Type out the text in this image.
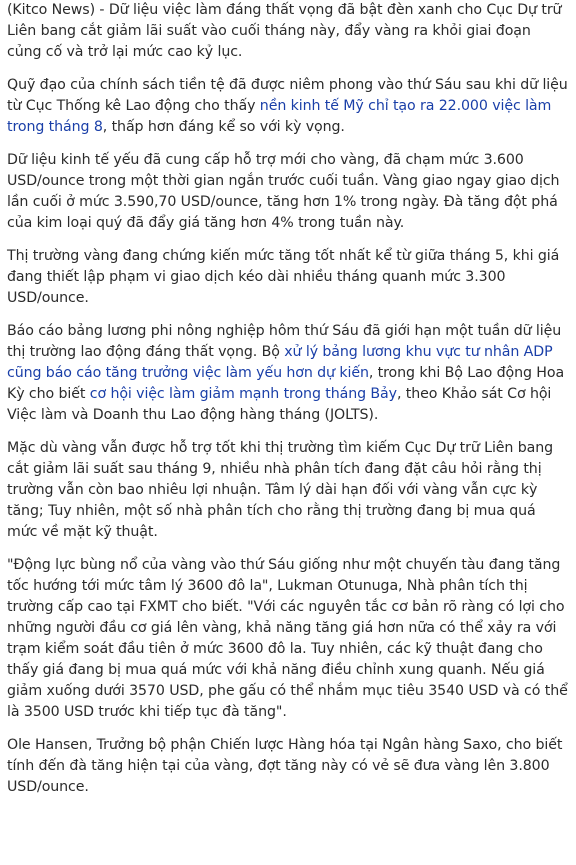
(Kitco News) - Dữ liệu việc làm đáng thất vọng đã bật đèn xanh cho Cục Dự trữ Liên bang cắt giảm lãi suất vào cuối tháng này, đẩy vàng ra khỏi giai đoạn củng cố và trở lại mức cao kỷ lục.

Quỹ đạo của chính sách tiền tệ đã được niêm phong vào thứ Sáu sau khi dữ liệu từ Cục Thống kê Lao động cho thấy nền kinh tế Mỹ chỉ tạo ra 22.000 việc làm trong tháng 8, thấp hơn đáng kể so với kỳ vọng.

Dữ liệu kinh tế yếu đã cung cấp hỗ trợ mới cho vàng, đã chạm mức 3.600 USD/ounce trong một thời gian ngắn trước cuối tuần. Vàng giao ngay giao dịch lần cuối ở mức 3.590,70 USD/ounce, tăng hơn 1% trong ngày. Đà tăng đột phá của kim loại quý đã đẩy giá tăng hơn 4% trong tuần này.

Thị trường vàng đang chứng kiến mức tăng tốt nhất kể từ giữa tháng 5, khi giá đang thiết lập phạm vi giao dịch kéo dài nhiều tháng quanh mức 3.300 USD/ounce.

Báo cáo bảng lương phi nông nghiệp hôm thứ Sáu đã giới hạn một tuần dữ liệu thị trường lao động đáng thất vọng. Bộ xử lý bảng lương khu vực tư nhân ADP cũng báo cáo tăng trưởng việc làm yếu hơn dự kiến, trong khi Bộ Lao động Hoa Kỳ cho biết cơ hội việc làm giảm mạnh trong tháng Bảy, theo Khảo sát Cơ hội Việc làm và Doanh thu Lao động hàng tháng (JOLTS).

Mặc dù vàng vẫn được hỗ trợ tốt khi thị trường tìm kiếm Cục Dự trữ Liên bang cắt giảm lãi suất sau tháng 9, nhiều nhà phân tích đang đặt câu hỏi rằng thị trường vẫn còn bao nhiêu lợi nhuận. Tâm lý dài hạn đối với vàng vẫn cực kỳ tăng; Tuy nhiên, một số nhà phân tích cho rằng thị trường đang bị mua quá mức về mặt kỹ thuật.

"Động lực bùng nổ của vàng vào thứ Sáu giống như một chuyến tàu đang tăng tốc hướng tới mức tâm lý 3600 đô la", Lukman Otunuga, Nhà phân tích thị trường cấp cao tại FXMT cho biết. "Với các nguyên tắc cơ bản rõ ràng có lợi cho những người đầu cơ giá lên vàng, khả năng tăng giá hơn nữa có thể xảy ra với trạm kiểm soát đầu tiên ở mức 3600 đô la. Tuy nhiên, các kỹ thuật đang cho thấy giá đang bị mua quá mức với khả năng điều chỉnh xung quanh. Nếu giá giảm xuống dưới 3570 USD, phe gấu có thể nhắm mục tiêu 3540 USD và có thể là 3500 USD trước khi tiếp tục đà tăng".

Ole Hansen, Trưởng bộ phận Chiến lược Hàng hóa tại Ngân hàng Saxo, cho biết tính đến đà tăng hiện tại của vàng, đợt tăng này có vẻ sẽ đưa vàng lên 3.800 USD/ounce.
